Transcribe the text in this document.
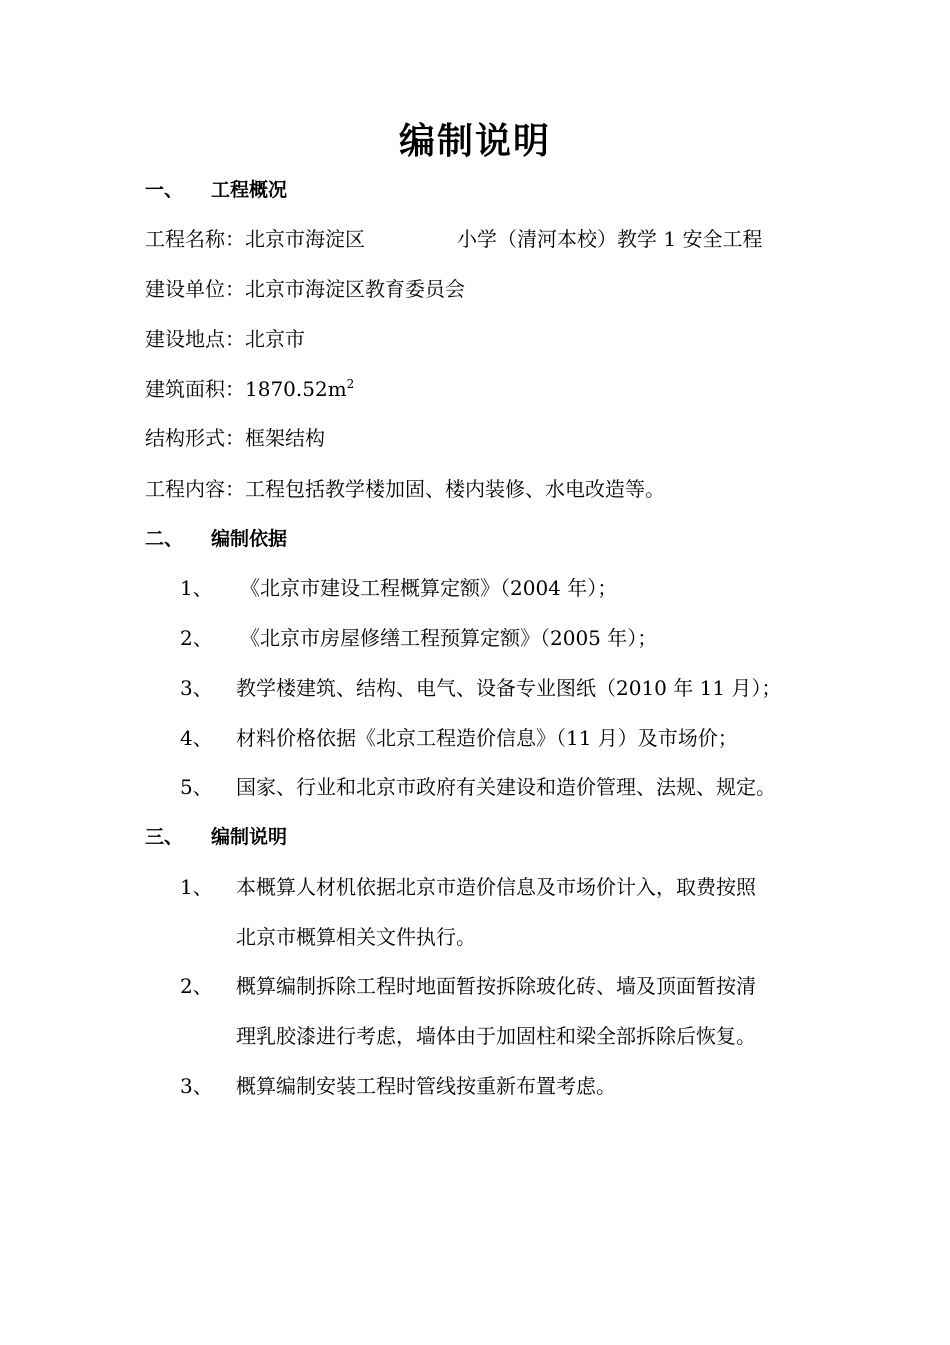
编制说明
一、 工程概况
工程名称：北京市海淀区	小学（清河本校）教学 1 安全工程
建设单位：北京市海淀区教育委员会
建设地点：北京市
建筑面积：$1870.52m^2$
结构形式：框架结构
工程内容：工程包括教学楼加固、楼内装修、水电改造等。
二、 编制依据
1、	《北京市建设工程概算定额》（2004 年）；
2、	《北京市房屋修缮工程预算定额》（2005 年）；
3、	教学楼建筑、结构、电气、设备专业图纸（2010 年 11 月）；
4、	材料价格依据《北京工程造价信息》（11 月）及市场价；
5、	国家、行业和北京市政府有关建设和造价管理、法规、规定。
三、 编制说明
1、	本概算人材机依据北京市造价信息及市场价计入，取费按照
北京市概算相关文件执行。
2、	概算编制拆除工程时地面暂按拆除玻化砖、墙及顶面暂按清
理乳胶漆进行考虑，墙体由于加固柱和梁全部拆除后恢复。
3、	概算编制安装工程时管线按重新布置考虑。
